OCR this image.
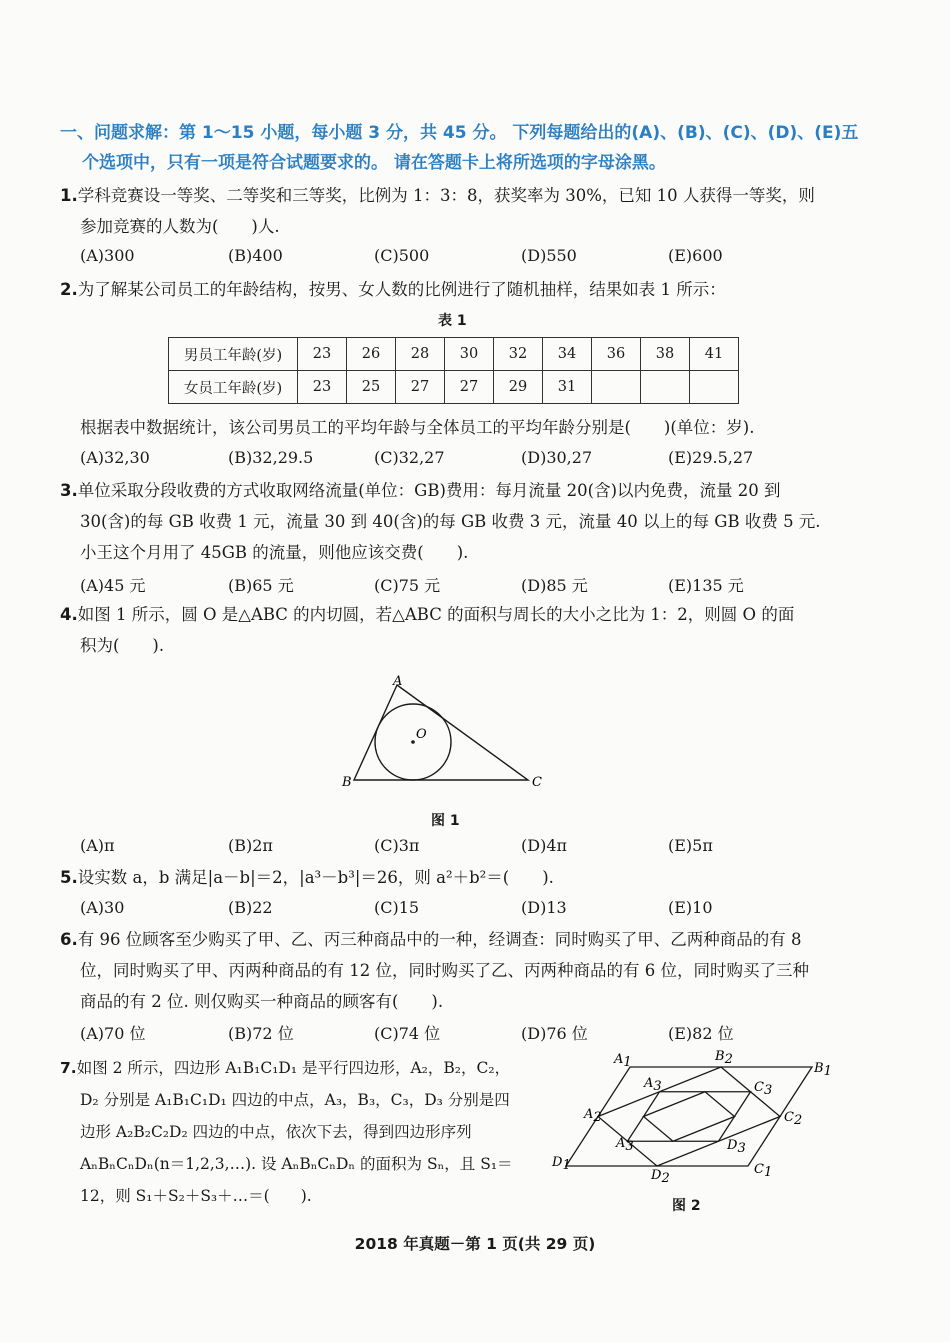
一、问题求解：第 1～15 小题，每小题 3 分，共 45 分。 下列每题给出的(A)、(B)、(C)、(D)、(E)五
个选项中，只有一项是符合试题要求的。 请在答题卡上将所选项的字母涂黑。
1.学科竞赛设一等奖、二等奖和三等奖，比例为 1：3：8，获奖率为 30%，已知 10 人获得一等奖，则
参加竞赛的人数为(　　)人.
(A)300	(B)400	(C)500	(D)550	(E)600
2.为了解某公司员工的年龄结构，按男、女人数的比例进行了随机抽样，结果如表 1 所示：
表 1
男员工年龄(岁)	23	26	28	30	32	34	36	38	41
女员工年龄(岁)	23	25	27	27	29	31			
根据表中数据统计，该公司男员工的平均年龄与全体员工的平均年龄分别是(　　)(单位：岁).
(A)32,30	(B)32,29.5	(C)32,27	(D)30,27	(E)29.5,27
3.单位采取分段收费的方式收取网络流量(单位：GB)费用：每月流量 20(含)以内免费，流量 20 到
30(含)的每 GB 收费 1 元，流量 30 到 40(含)的每 GB 收费 3 元，流量 40 以上的每 GB 收费 5 元.
小王这个月用了 45GB 的流量，则他应该交费(　　).
(A)45 元	(B)65 元	(C)75 元	(D)85 元	(E)135 元
4.如图 1 所示，圆 O 是△ABC 的内切圆，若△ABC 的面积与周长的大小之比为 1：2，则圆 O 的面
积为(　　).
A
B	C
O
图 1
(A)π	(B)2π	(C)3π	(D)4π	(E)5π
5.设实数 a，b 满足|a－b|＝2，|a³－b³|＝26，则 a²＋b²＝(　　).
(A)30	(B)22	(C)15	(D)13	(E)10
6.有 96 位顾客至少购买了甲、乙、丙三种商品中的一种，经调查：同时购买了甲、乙两种商品的有 8
位，同时购买了甲、丙两种商品的有 12 位，同时购买了乙、丙两种商品的有 6 位，同时购买了三种
商品的有 2 位. 则仅购买一种商品的顾客有(　　).
(A)70 位	(B)72 位	(C)74 位	(D)76 位	(E)82 位
7.如图 2 所示，四边形 A₁B₁C₁D₁ 是平行四边形，A₂，B₂，C₂，
D₂ 分别是 A₁B₁C₁D₁ 四边的中点，A₃，B₃，C₃，D₃ 分别是四
边形 A₂B₂C₂D₂ 四边的中点，依次下去，得到四边形序列
AₙBₙCₙDₙ(n＝1,2,3,…). 设 AₙBₙCₙDₙ 的面积为 Sₙ，且 S₁＝
12，则 S₁＋S₂＋S₃＋…＝(　　).
A1	B1
C1
D1
A2
B2
C2
D2
A3	C3
D3
A3
图 2
2018 年真题－第 1 页(共 29 页)
